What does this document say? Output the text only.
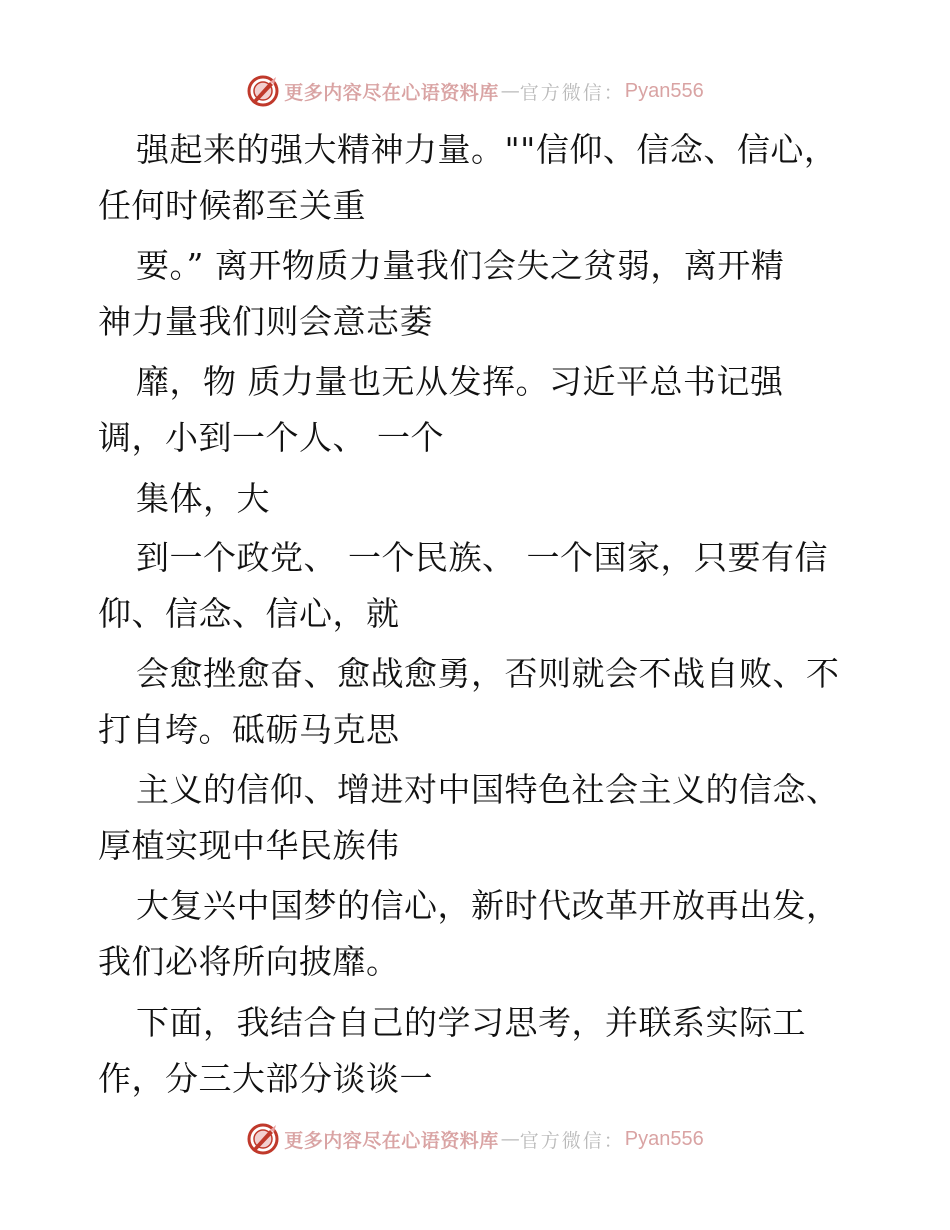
更多内容尽在心语资料库 — 官方微信： Pyan556
强起来的强大精神力量。""信仰、信念、信心，
任何时候都至关重
要。” 离开物质力量我们会失之贫弱，离开精
神力量我们则会意志萎
靡，物 质力量也无从发挥。习近平总书记强
调，小到一个人、 一个
集体，大
到一个政党、 一个民族、 一个国家，只要有信
仰、信念、信心，就
会愈挫愈奋、愈战愈勇，否则就会不战自败、不
打自垮。砥砺马克思
主义的信仰、增进对中国特色社会主义的信念、
厚植实现中华民族伟
大复兴中国梦的信心，新时代改革开放再出发，
我们必将所向披靡。
下面，我结合自己的学习思考，并联系实际工
作，分三大部分谈谈一
更多内容尽在心语资料库 — 官方微信： Pyan556
